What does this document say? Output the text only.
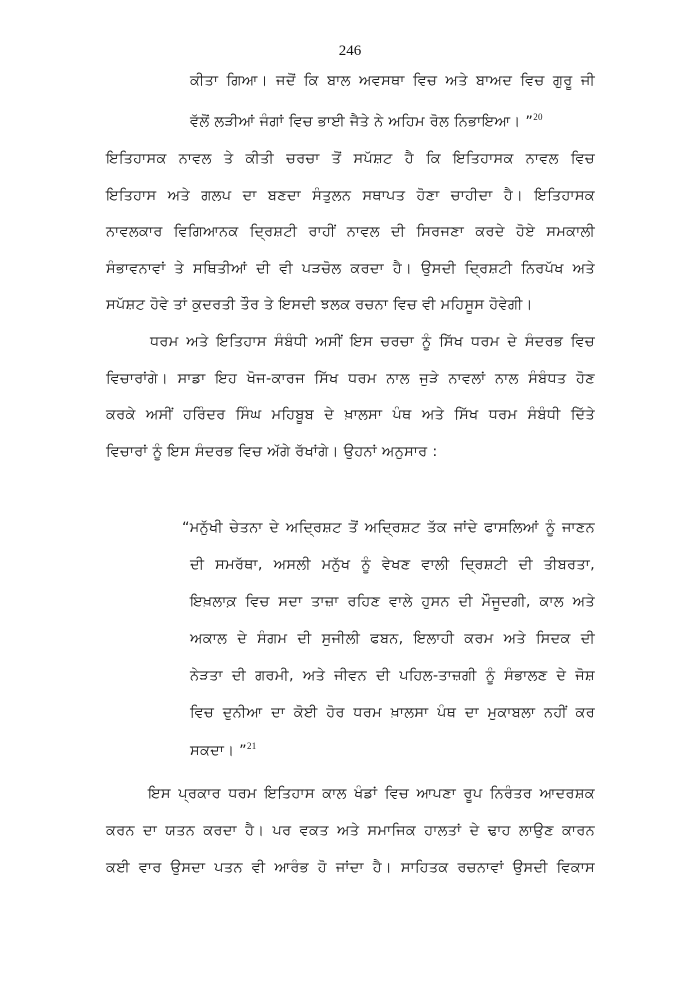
246
ਕੀਤਾ ਗਿਆ। ਜਦੋਂ ਕਿ ਬਾਲ ਅਵਸਥਾ ਵਿਚ ਅਤੇ ਬਾਅਦ ਵਿਚ ਗੁਰੂ ਜੀ
ਵੱਲੋਂ ਲੜੀਆਂ ਜੰਗਾਂ ਵਿਚ ਭਾਈ ਜੈਤੇ ਨੇ ਅਹਿਮ ਰੋਲ ਨਿਭਾਇਆ। ”$^{20}$
ਇਤਿਹਾਸਕ ਨਾਵਲ ਤੇ ਕੀਤੀ ਚਰਚਾ ਤੋਂ ਸਪੱਸ਼ਟ ਹੈ ਕਿ ਇਤਿਹਾਸਕ ਨਾਵਲ ਵਿਚ
ਇਤਿਹਾਸ ਅਤੇ ਗਲਪ ਦਾ ਬਣਦਾ ਸੰਤੁਲਨ ਸਥਾਪਤ ਹੋਣਾ ਚਾਹੀਦਾ ਹੈ। ਇਤਿਹਾਸਕ
ਨਾਵਲਕਾਰ ਵਿਗਿਆਨਕ ਦ੍ਰਿਸ਼ਟੀ ਰਾਹੀਂ ਨਾਵਲ ਦੀ ਸਿਰਜਣਾ ਕਰਦੇ ਹੋਏ ਸਮਕਾਲੀ
ਸੰਭਾਵਨਾਵਾਂ ਤੇ ਸਥਿਤੀਆਂ ਦੀ ਵੀ ਪੜਚੋਲ ਕਰਦਾ ਹੈ। ਉਸਦੀ ਦ੍ਰਿਸ਼ਟੀ ਨਿਰਪੱਖ ਅਤੇ
ਸਪੱਸ਼ਟ ਹੋਵੇ ਤਾਂ ਕੁਦਰਤੀ ਤੌਰ ਤੇ ਇਸਦੀ ਝਲਕ ਰਚਨਾ ਵਿਚ ਵੀ ਮਹਿਸੂਸ ਹੋਵੇਗੀ।
ਧਰਮ ਅਤੇ ਇਤਿਹਾਸ ਸੰਬੰਧੀ ਅਸੀਂ ਇਸ ਚਰਚਾ ਨੂੰ ਸਿੱਖ ਧਰਮ ਦੇ ਸੰਦਰਭ ਵਿਚ
ਵਿਚਾਰਾਂਗੇ। ਸਾਡਾ ਇਹ ਖੋਜ-ਕਾਰਜ ਸਿੱਖ ਧਰਮ ਨਾਲ ਜੁੜੇ ਨਾਵਲਾਂ ਨਾਲ ਸੰਬੰਧਤ ਹੋਣ
ਕਰਕੇ ਅਸੀਂ ਹਰਿੰਦਰ ਸਿੰਘ ਮਹਿਬੂਬ ਦੇ ਖ਼ਾਲਸਾ ਪੰਥ ਅਤੇ ਸਿੱਖ ਧਰਮ ਸੰਬੰਧੀ ਦਿੱਤੇ
ਵਿਚਾਰਾਂ ਨੂੰ ਇਸ ਸੰਦਰਭ ਵਿਚ ਅੱਗੇ ਰੱਖਾਂਗੇ। ਉਹਨਾਂ ਅਨੁਸਾਰ :
“ਮਨੁੱਖੀ ਚੇਤਨਾ ਦੇ ਅਦ੍ਰਿਸ਼ਟ ਤੋਂ ਅਦ੍ਰਿਸ਼ਟ ਤੱਕ ਜਾਂਦੇ ਫਾਸਲਿਆਂ ਨੂੰ ਜਾਣਨ
ਦੀ ਸਮਰੱਥਾ, ਅਸਲੀ ਮਨੁੱਖ ਨੂੰ ਵੇਖਣ ਵਾਲੀ ਦ੍ਰਿਸ਼ਟੀ ਦੀ ਤੀਬਰਤਾ,
ਇਖ਼ਲਾਕ਼ ਵਿਚ ਸਦਾ ਤਾਜ਼ਾ ਰਹਿਣ ਵਾਲੇ ਹੁਸਨ ਦੀ ਮੌਜੂਦਗੀ, ਕਾਲ ਅਤੇ
ਅਕਾਲ ਦੇ ਸੰਗਮ ਦੀ ਸੁਜੀਲੀ ਫਬਨ, ਇਲਾਹੀ ਕਰਮ ਅਤੇ ਸਿਦਕ ਦੀ
ਨੇੜਤਾ ਦੀ ਗਰਮੀ, ਅਤੇ ਜੀਵਨ ਦੀ ਪਹਿਲ-ਤਾਜ਼ਗੀ ਨੂੰ ਸੰਭਾਲਣ ਦੇ ਜੋਸ਼
ਵਿਚ ਦੁਨੀਆ ਦਾ ਕੋਈ ਹੋਰ ਧਰਮ ਖ਼ਾਲਸਾ ਪੰਥ ਦਾ ਮੁਕਾਬਲਾ ਨਹੀਂ ਕਰ
ਸਕਦਾ। ”$^{21}$
ਇਸ ਪ੍ਰਕਾਰ ਧਰਮ ਇਤਿਹਾਸ ਕਾਲ ਖੰਡਾਂ ਵਿਚ ਆਪਣਾ ਰੂਪ ਨਿਰੰਤਰ ਆਦਰਸ਼ਕ
ਕਰਨ ਦਾ ਯਤਨ ਕਰਦਾ ਹੈ। ਪਰ ਵਕਤ ਅਤੇ ਸਮਾਜਿਕ ਹਾਲਤਾਂ ਦੇ ਢਾਹ ਲਾਉਣ ਕਾਰਨ
ਕਈ ਵਾਰ ਉਸਦਾ ਪਤਨ ਵੀ ਆਰੰਭ ਹੋ ਜਾਂਦਾ ਹੈ। ਸਾਹਿਤਕ ਰਚਨਾਵਾਂ ਉਸਦੀ ਵਿਕਾਸ
